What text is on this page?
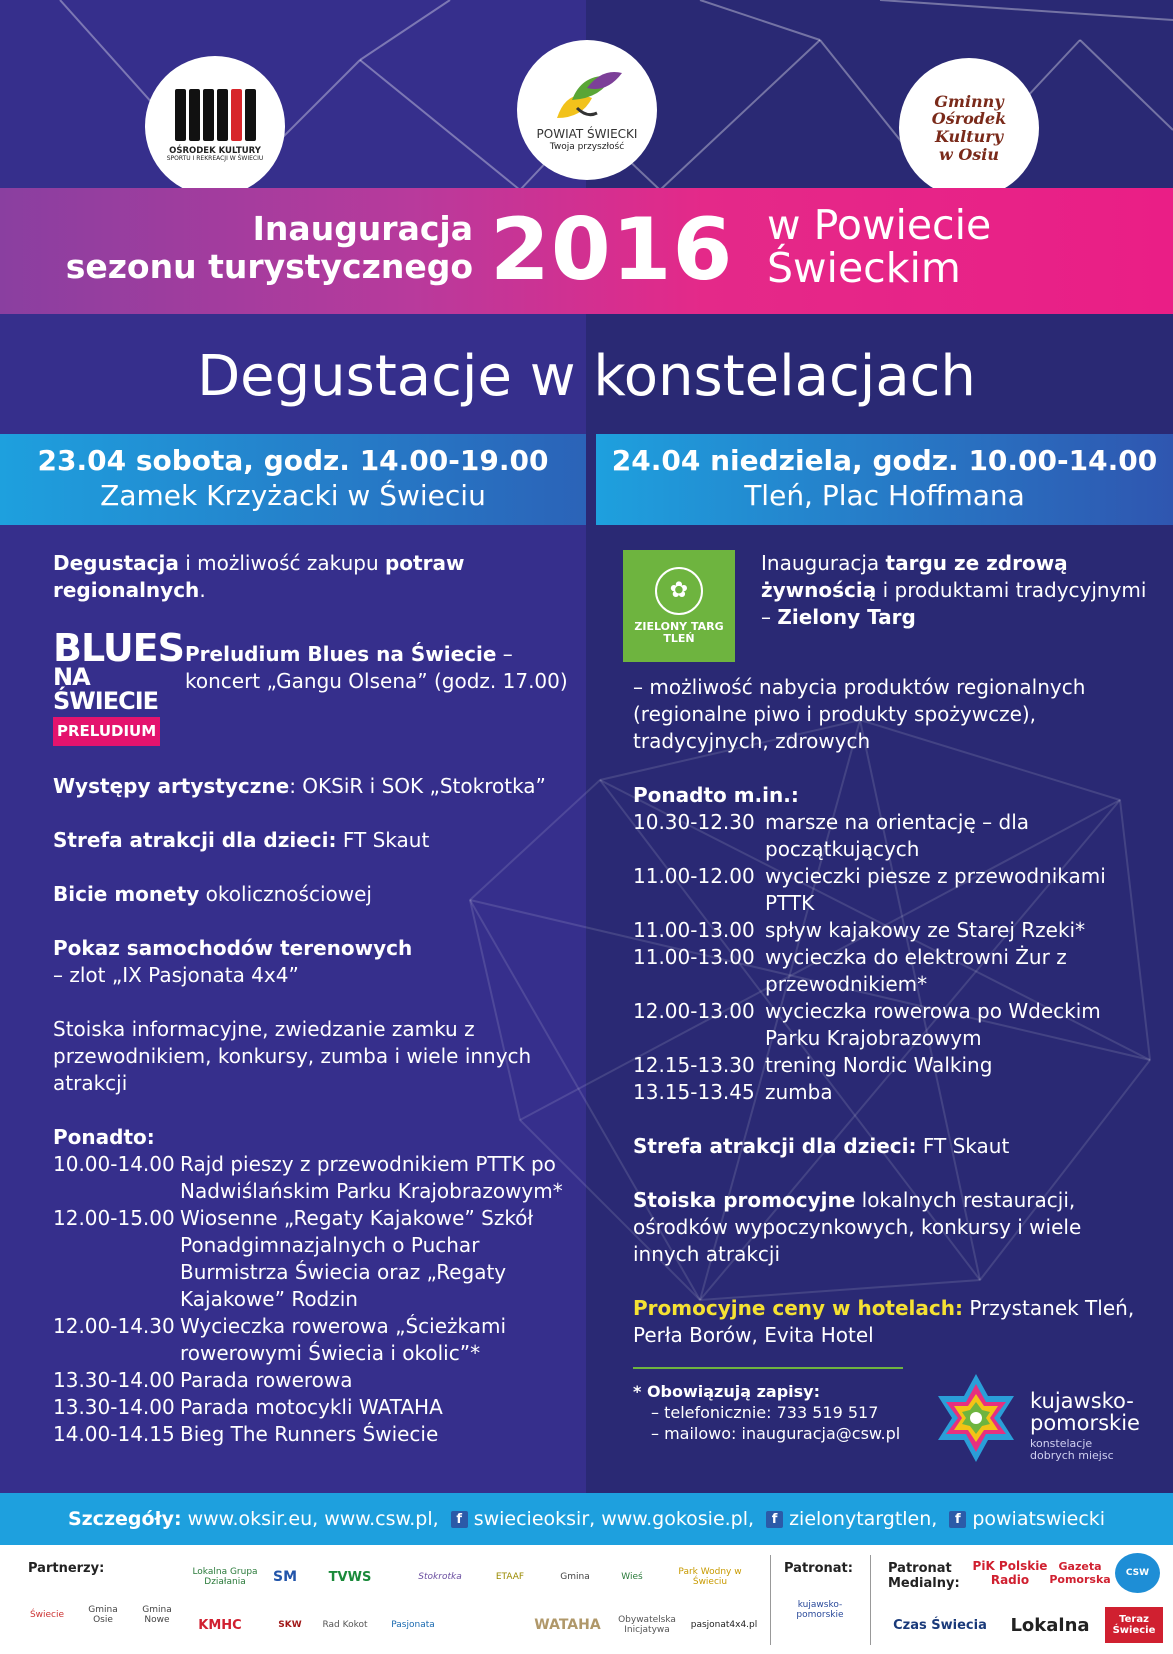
OŚRODEK KULTURY
SPORTU I REKREACJI W ŚWIECIU
POWIAT ŚWIECKI
Twoja przyszłość
Gminny
Ośrodek
Kultury
w Osiu
Inauguracja
sezonu turystycznego 2016 w Powiecie
Świeckim
Degustacje w konstelacjach
23.04 sobota, godz. 14.00-19.00
Zamek Krzyżacki w Świeciu
24.04 niedziela, godz. 10.00-14.00
Tleń, Plac Hoffmana
Degustacja i możliwość zakupu potraw regionalnych.
BLUES
NA ŚWIECIE
PRELUDIUM
Preludium Blues na Świecie – koncert „Gangu Olsena” (godz. 17.00)
Występy artystyczne: OKSiR i SOK „Stokrotka”
Strefa atrakcji dla dzieci: FT Skaut
Bicie monety okolicznościowej
Pokaz samochodów terenowych
– zlot „IX Pasjonata 4x4”
Stoiska informacyjne, zwiedzanie zamku z przewodnikiem, konkursy, zumba i wiele innych atrakcji
Ponadto:
10.00-14.00 Rajd pieszy z przewodnikiem PTTK po Nadwiślańskim Parku Krajobrazowym*
12.00-15.00 Wiosenne „Regaty Kajakowe” Szkół Ponadgimnazjalnych o Puchar Burmistrza Świecia oraz „Regaty Kajakowe” Rodzin
12.00-14.30 Wycieczka rowerowa „Ścieżkami rowerowymi Świecia i okolic”*
13.30-14.00 Parada rowerowa
13.30-14.00 Parada motocykli WATAHA
14.00-14.15 Bieg The Runners Świecie
✿
ZIELONY TARG TLEŃ
Inauguracja targu ze zdrową żywnością i produktami tradycyjnymi – Zielony Targ
– możliwość nabycia produktów regionalnych (regionalne piwo i produkty spożywcze), tradycyjnych, zdrowych
Ponadto m.in.:
10.30-12.30 marsze na orientację – dla początkujących
11.00-12.00 wycieczki piesze z przewodnikami PTTK
11.00-13.00 spływ kajakowy ze Starej Rzeki*
11.00-13.00 wycieczka do elektrowni Żur z przewodnikiem*
12.00-13.00 wycieczka rowerowa po Wdeckim Parku Krajobrazowym
12.15-13.30 trening Nordic Walking
13.15-13.45 zumba
Strefa atrakcji dla dzieci: FT Skaut
Stoiska promocyjne lokalnych restauracji, ośrodków wypoczynkowych, konkursy i wiele innych atrakcji
Promocyjne ceny w hotelach: Przystanek Tleń, Perła Borów, Evita Hotel
* Obowiązują zapisy:
– telefonicznie: 733 519 517
– mailowo: inauguracja@csw.pl
kujawsko-
pomorskie
konstelacje
dobrych miejsc
Szczegóły: www.oksir.eu, www.csw.pl,	f swiecieoksir, www.gokosie.pl,	f zielonytargtlen,	f powiatswiecki
Partnerzy:	Patronat:	Patronat Medialny:
Świecie	Gmina Osie
Gmina Nowe
Lokalna Grupa Działania	SM	TVWS	Stokrotka	ETAAF	Gmina	Wieś	Park Wodny w Świeciu
KMHC	SKW	Rad Kokot	Pasjonata	WATAHA	Obywatelska Inicjatywa	pasjonat4x4.pl
kujawsko-pomorskie
PiK Polskie Radio
Gazeta Pomorska	CSW
Czas Świecia	Lokalna	Teraz Świecie
